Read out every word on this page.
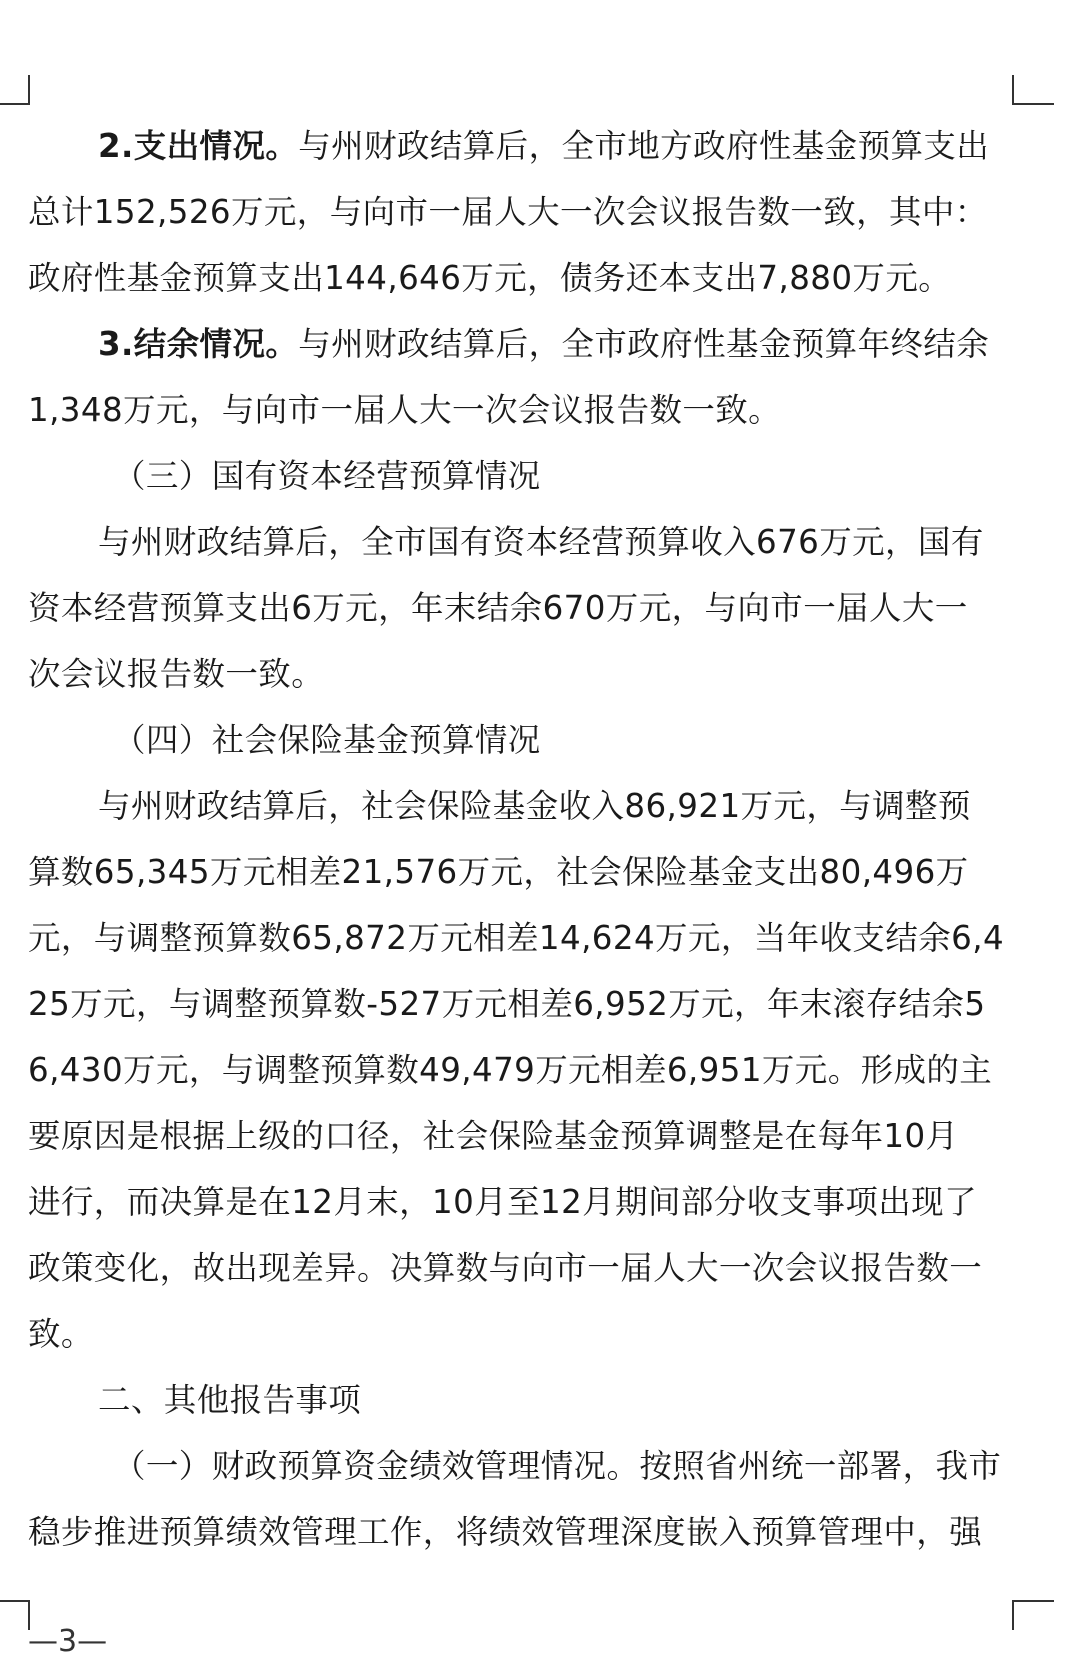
2.支出情况。与州财政结算后，全市地方政府性基金预算支出
总计152,526万元，与向市一届人大一次会议报告数一致，其中：
政府性基金预算支出144,646万元，债务还本支出7,880万元。
3.结余情况。与州财政结算后，全市政府性基金预算年终结余
1,348万元，与向市一届人大一次会议报告数一致。
（三）国有资本经营预算情况
与州财政结算后，全市国有资本经营预算收入676万元，国有
资本经营预算支出6万元，年末结余670万元，与向市一届人大一
次会议报告数一致。
（四）社会保险基金预算情况
与州财政结算后，社会保险基金收入86,921万元，与调整预
算数65,345万元相差21,576万元，社会保险基金支出80,496万
元，与调整预算数65,872万元相差14,624万元，当年收支结余6,4
25万元，与调整预算数-527万元相差6,952万元，年末滚存结余5
6,430万元，与调整预算数49,479万元相差6,951万元。形成的主
要原因是根据上级的口径，社会保险基金预算调整是在每年10月
进行，而决算是在12月末，10月至12月期间部分收支事项出现了
政策变化，故出现差异。决算数与向市一届人大一次会议报告数一
致。
二、其他报告事项
（一）财政预算资金绩效管理情况。按照省州统一部署，我市
稳步推进预算绩效管理工作，将绩效管理深度嵌入预算管理中，强
—3—
